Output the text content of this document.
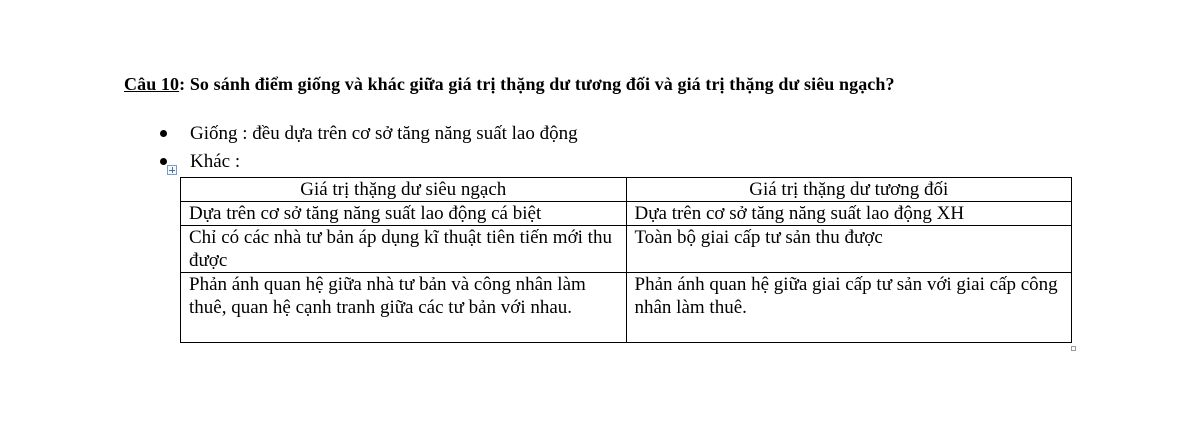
Câu 10: So sánh điểm giống và khác giữa giá trị thặng dư tương đối và giá trị thặng dư siêu ngạch?
Giống : đều dựa trên cơ sở tăng năng suất lao động
Khác :
Giá trị thặng dư siêu ngạch	Giá trị thặng dư tương đối
Dựa trên cơ sở tăng năng suất lao động cá biệt	Dựa trên cơ sở tăng năng suất lao động XH
Chỉ có các nhà tư bản áp dụng kĩ thuật tiên tiến mới thu được	Toàn bộ giai cấp tư sản thu được
Phản ánh quan hệ giữa nhà tư bản và công nhân làm thuê, quan hệ cạnh tranh giữa các tư bản với nhau.	Phản ánh quan hệ giữa giai cấp tư sản với giai cấp công nhân làm thuê.
